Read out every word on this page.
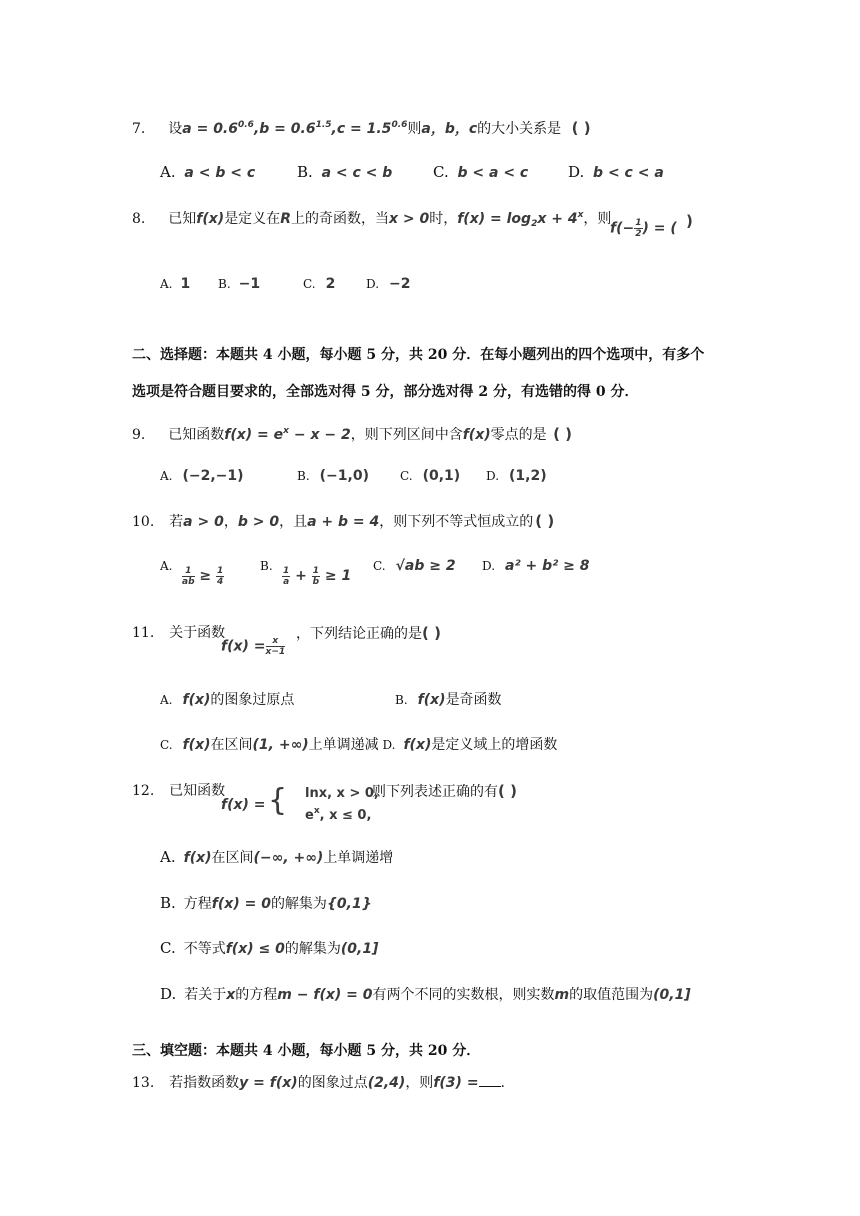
7. 设$a = 0.6^{0.6},b = 0.6^{1.5},c = 1.5^{0.6}$则a，b，c的大小关系是 ( )
A. a < b < c	B. a < c < b	C. b < a < c	D. b < c < a
8. 已知f(x)是定义在R上的奇函数，当x > 0时，$f(x) = \log_2x + 4^x$，则
$f(- \frac{1}{2}$ ) = ( )
A. 1 B. −1	C. 2	D. −2
二、选择题：本题共 4 小题，每小题 5 分，共 20 分．在每小题列出的四个选项中，有多个
选项是符合题目要求的，全部选对得 5 分，部分选对得 2 分，有选错的得 0 分．
9. 已知函数$f(x) = e^x - x - 2$，则下列区间中含f(x)零点的是 ( )
A. (−2,−1)	B. (−1,0)	C. (0,1) D. (1,2)
10. 若a > 0，b > 0，且a + b = 4，则下列不等式恒成立的 ( )
A. $\frac{1}{ab} \ge \frac{1}{4}$	B. $\frac{1}{a} + \frac{1}{b} \ge 1$
C. √ab ≥ 2 D. a² + b² ≥ 8
11. 关于函数
$f(x) = \frac{x}{x-1}$
，下列结论正确的是( )
A. f(x)的图象过原点	B. f(x)是奇函数
C. f(x)在区间(1, +∞)上单调递减 D. f(x)是定义域上的增函数
12. 已知函数
f(x) = { lnx, x > 0,
$e^x$, x ≤ 0,
则下列表述正确的有( )
A. f(x)在区间(−∞, +∞)上单调递增
B. 方程f(x) = 0的解集为{0,1}
C. 不等式f(x) ≤ 0的解集为(0,1]
D. 若关于x的方程m − f(x) = 0有两个不同的实数根，则实数m的取值范围为(0,1]
三、填空题：本题共 4 小题，每小题 5 分，共 20 分．
13. 若指数函数y = f(x)的图象过点(2,4)，则f(3) = .
